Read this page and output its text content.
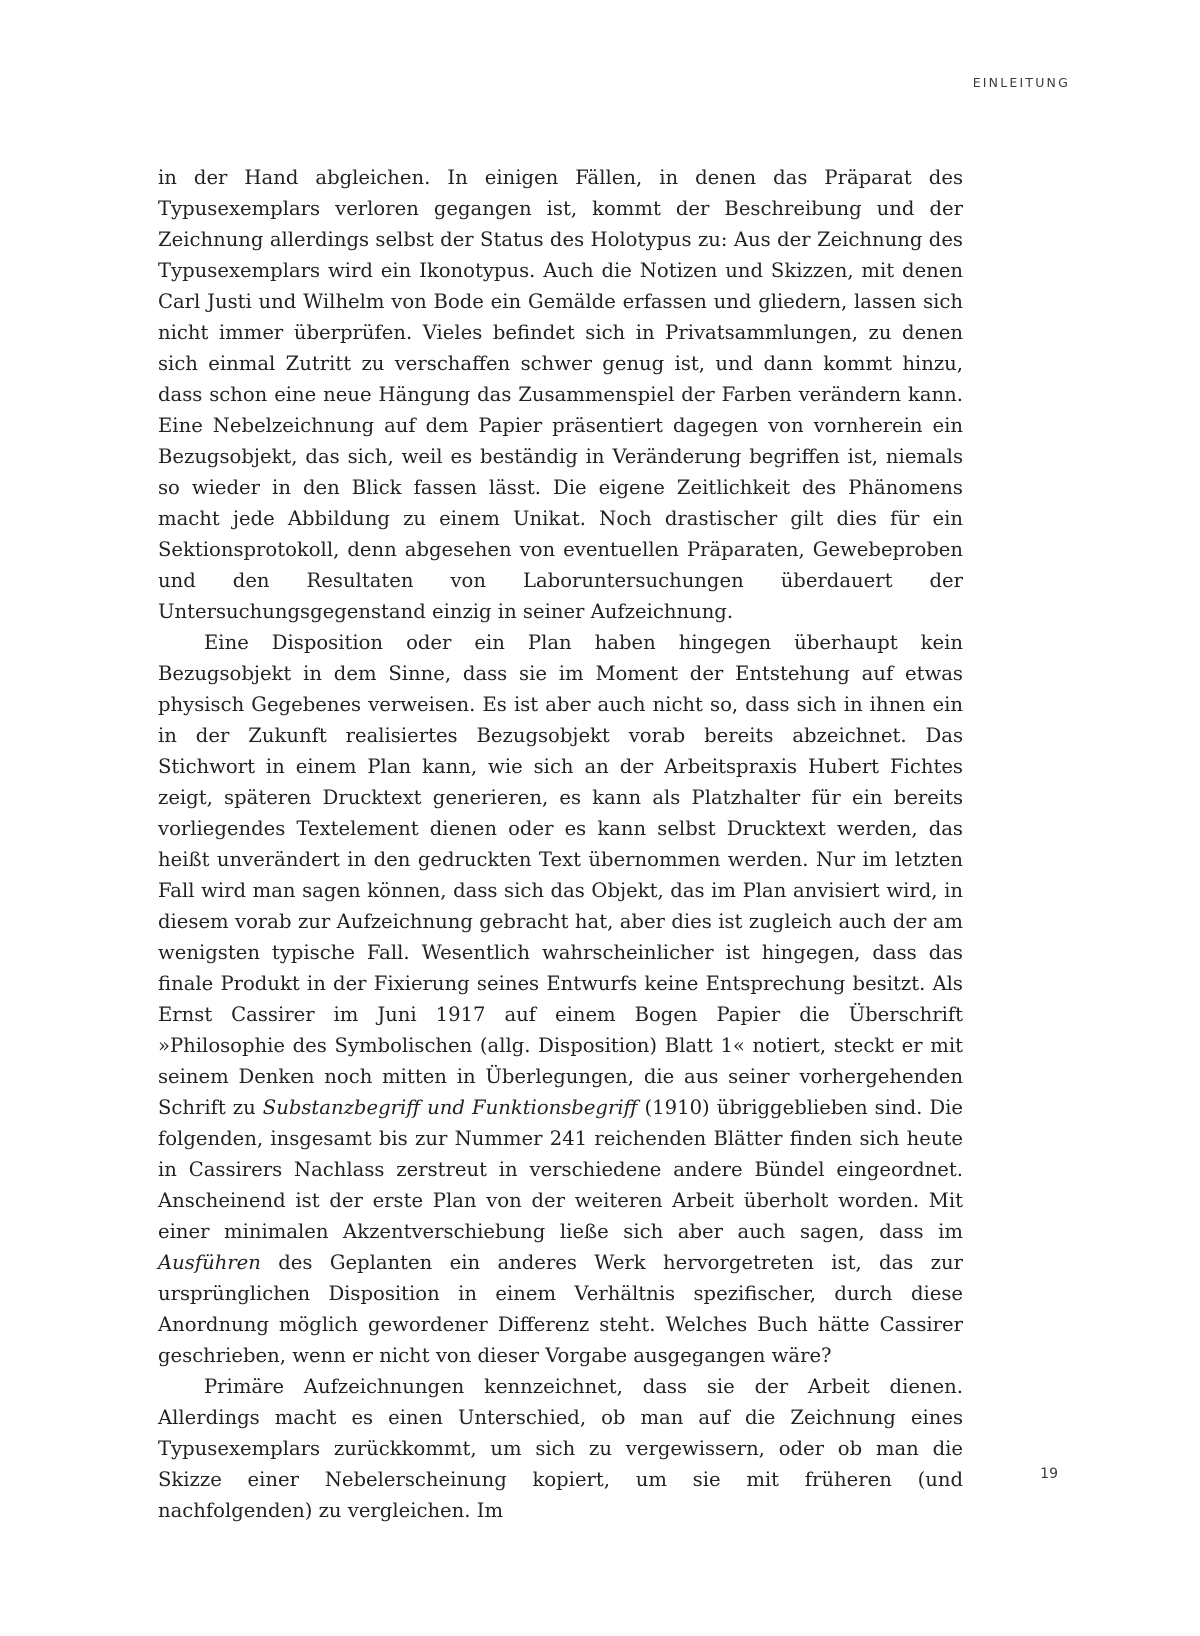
EINLEITUNG

in der Hand abgleichen. In einigen Fällen, in denen das Präparat des Typusexemplars verloren gegangen ist, kommt der Beschreibung und der Zeichnung allerdings selbst der Status des Holotypus zu: Aus der Zeichnung des Typusexemplars wird ein Ikonotypus. Auch die Notizen und Skizzen, mit denen Carl Justi und Wilhelm von Bode ein Gemälde erfassen und gliedern, lassen sich nicht immer überprüfen. Vieles befindet sich in Privatsammlungen, zu denen sich einmal Zutritt zu verschaffen schwer genug ist, und dann kommt hinzu, dass schon eine neue Hängung das Zusammenspiel der Farben verändern kann. Eine Nebelzeichnung auf dem Papier präsentiert dagegen von vornherein ein Bezugsobjekt, das sich, weil es beständig in Veränderung begriffen ist, niemals so wieder in den Blick fassen lässt. Die eigene Zeitlichkeit des Phänomens macht jede Abbildung zu einem Unikat. Noch drastischer gilt dies für ein Sektionsprotokoll, denn abgesehen von eventuellen Präparaten, Gewebeproben und den Resultaten von Laboruntersuchungen überdauert der Untersuchungsgegenstand einzig in seiner Aufzeichnung.

Eine Disposition oder ein Plan haben hingegen überhaupt kein Bezugsobjekt in dem Sinne, dass sie im Moment der Entstehung auf etwas physisch Gegebenes verweisen. Es ist aber auch nicht so, dass sich in ihnen ein in der Zukunft realisiertes Bezugsobjekt vorab bereits abzeichnet. Das Stichwort in einem Plan kann, wie sich an der Arbeitspraxis Hubert Fichtes zeigt, späteren Drucktext generieren, es kann als Platzhalter für ein bereits vorliegendes Textelement dienen oder es kann selbst Drucktext werden, das heißt unverändert in den gedruckten Text übernommen werden. Nur im letzten Fall wird man sagen können, dass sich das Objekt, das im Plan anvisiert wird, in diesem vorab zur Aufzeichnung gebracht hat, aber dies ist zugleich auch der am wenigsten typische Fall. Wesentlich wahrscheinlicher ist hingegen, dass das finale Produkt in der Fixierung seines Entwurfs keine Entsprechung besitzt. Als Ernst Cassirer im Juni 1917 auf einem Bogen Papier die Überschrift »Philosophie des Symbolischen (allg. Disposition) Blatt 1« notiert, steckt er mit seinem Denken noch mitten in Überlegungen, die aus seiner vorhergehenden Schrift zu Substanzbegriff und Funktionsbegriff (1910) übriggeblieben sind. Die folgenden, insgesamt bis zur Nummer 241 reichenden Blätter finden sich heute in Cassirers Nachlass zerstreut in verschiedene andere Bündel eingeordnet. Anscheinend ist der erste Plan von der weiteren Arbeit überholt worden. Mit einer minimalen Akzentverschiebung ließe sich aber auch sagen, dass im Ausführen des Geplanten ein anderes Werk hervorgetreten ist, das zur ursprünglichen Disposition in einem Verhältnis spezifischer, durch diese Anordnung möglich gewordener Differenz steht. Welches Buch hätte Cassirer geschrieben, wenn er nicht von dieser Vorgabe ausgegangen wäre?

Primäre Aufzeichnungen kennzeichnet, dass sie der Arbeit dienen. Allerdings macht es einen Unterschied, ob man auf die Zeichnung eines Typusexemplars zurückkommt, um sich zu vergewissern, oder ob man die Skizze einer Nebelerscheinung kopiert, um sie mit früheren (und nachfolgenden) zu vergleichen. Im

19
